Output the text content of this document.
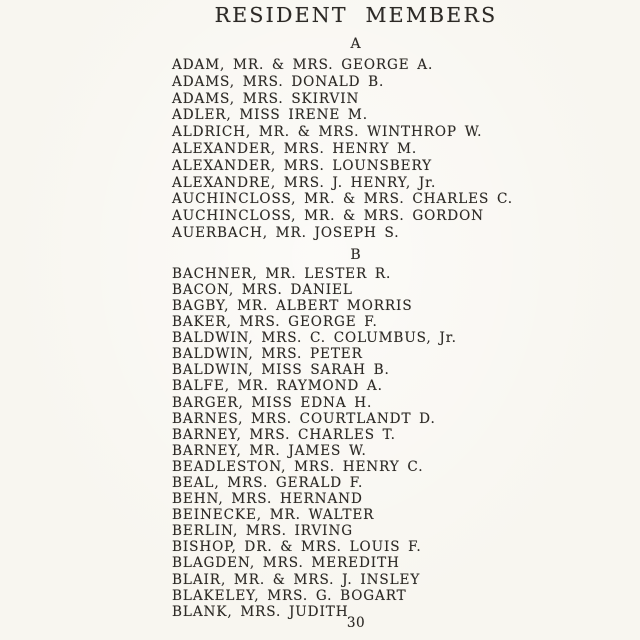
RESIDENT MEMBERS
A
ADAM, MR. & MRS. GEORGE A.
ADAMS, MRS. DONALD B.
ADAMS, MRS. SKIRVIN
ADLER, MISS IRENE M.
ALDRICH, MR. & MRS. WINTHROP W.
ALEXANDER, MRS. HENRY M.
ALEXANDER, MRS. LOUNSBERY
ALEXANDRE, MRS. J. HENRY, Jr.
AUCHINCLOSS, MR. & MRS. CHARLES C.
AUCHINCLOSS, MR. & MRS. GORDON
AUERBACH, MR. JOSEPH S.
B
BACHNER, MR. LESTER R.
BACON, MRS. DANIEL
BAGBY, MR. ALBERT MORRIS
BAKER, MRS. GEORGE F.
BALDWIN, MRS. C. COLUMBUS, Jr.
BALDWIN, MRS. PETER
BALDWIN, MISS SARAH B.
BALFE, MR. RAYMOND A.
BARGER, MISS EDNA H.
BARNES, MRS. COURTLANDT D.
BARNEY, MRS. CHARLES T.
BARNEY, MR. JAMES W.
BEADLESTON, MRS. HENRY C.
BEAL, MRS. GERALD F.
BEHN, MRS. HERNAND
BEINECKE, MR. WALTER
BERLIN, MRS. IRVING
BISHOP, DR. & MRS. LOUIS F.
BLAGDEN, MRS. MEREDITH
BLAIR, MR. & MRS. J. INSLEY
BLAKELEY, MRS. G. BOGART
BLANK, MRS. JUDITH
30
